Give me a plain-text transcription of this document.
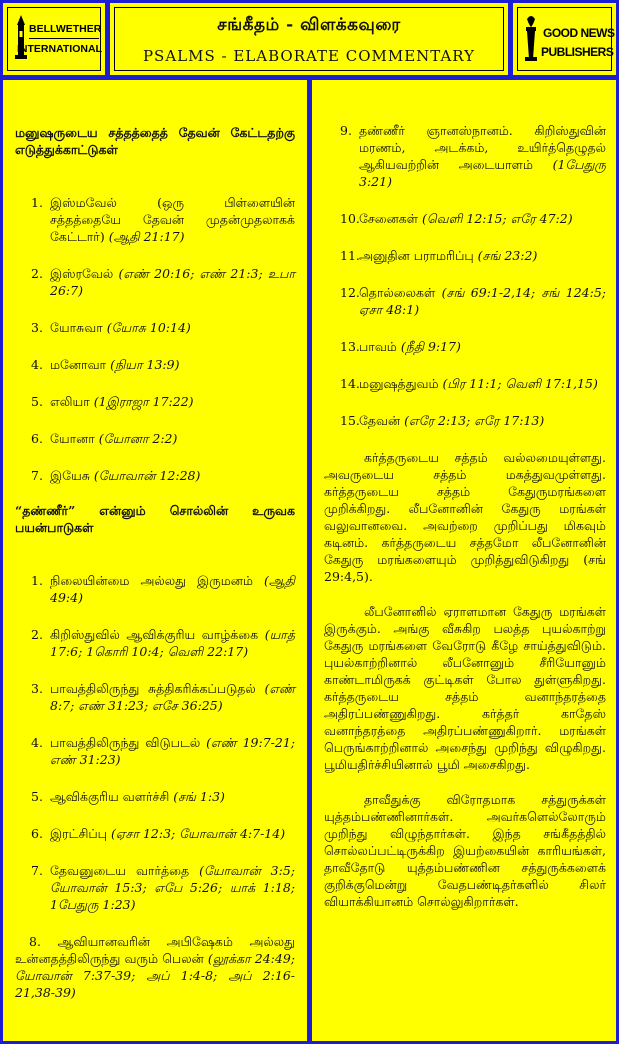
BELLWETHER
INTERNATIONAL
சங்கீதம் - விளக்கவுரை
PSALMS - ELABORATE COMMENTARY
GOOD NEWS
PUBLISHERS
மனுஷருடைய சத்தத்தைத் தேவன் கேட்டதற்கு எடுத்துக்காட்டுகள்
1. இஸ்மவேல் (ஒரு பிள்ளையின் சத்தத்தையே தேவன் முதன்முதலாகக் கேட்டார்) (ஆதி 21:17)
2. இஸ்ரவேல் (எண் 20:16; எண் 21:3; உபா 26:7)
3. யோசுவா (யோசு 10:14)
4. மனோவா (நியா 13:9)
5. எலியா (1இராஜா 17:22)
6. யோனா (யோனா 2:2)
7. இயேசு (யோவான் 12:28)
“தண்ணீர்” என்னும் சொல்லின் உருவக பயன்பாடுகள்
1. நிலையின்மை அல்லது இருமனம் (ஆதி 49:4)
2. கிறிஸ்துவில் ஆவிக்குரிய வாழ்க்கை (யாத் 17:6; 1கொரி 10:4; வெளி 22:17)
3. பாவத்திலிருந்து சுத்திகரிக்கப்படுதல் (எண் 8:7; எண் 31:23; எசே 36:25)
4. பாவத்திலிருந்து விடுபடல் (எண் 19:7-21; எண் 31:23)
5. ஆவிக்குரிய வளர்ச்சி (சங் 1:3)
6. இரட்சிப்பு (ஏசா 12:3; யோவான் 4:7-14)
7. தேவனுடைய வார்த்தை (யோவான் 3:5; யோவான் 15:3; எபே 5:26; யாக் 1:18; 1பேதுரு 1:23)
8. ஆவியானவரின் அபிஷேகம் அல்லது உன்னதத்திலிருந்து வரும் பெலன் (லூக்கா 24:49; யோவான் 7:37-39; அப் 1:4-8; அப் 2:16-21,38-39)
9. தண்ணீர் ஞானஸ்நானம். கிறிஸ்துவின் மரணம், அடக்கம், உயிர்த்தெழுதல் ஆகியவற்றின் அடையாளம் (1பேதுரு 3:21)
10. சேனைகள் (வெளி 12:15; எரே 47:2)
11. அனுதின பராமரிப்பு (சங் 23:2)
12. தொல்லைகள் (சங் 69:1-2,14; சங் 124:5; ஏசா 48:1)
13. பாவம் (நீதி 9:17)
14. மனுஷத்துவம் (பிர 11:1; வெளி 17:1,15)
15. தேவன் (எரே 2:13; எரே 17:13)

கர்த்தருடைய சத்தம் வல்லமையுள்ளது. அவருடைய சத்தம் மகத்துவமுள்ளது. கர்த்தருடைய சத்தம் கேதுருமரங்களை முறிக்கிறது. லீபனோனின் கேதுரு மரங்கள் வலுவானவை. அவற்றை முறிப்பது மிகவும் கடினம். கர்த்தருடைய சத்தமோ லீபனோனின் கேதுரு மரங்களையும் முறித்துவிடுகிறது (சங் 29:4,5).

லீபனோனில் ஏராளமான கேதுரு மரங்கள் இருக்கும். அங்கு வீசுகிற பலத்த புயல்காற்று கேதுரு மரங்களை வேரோடு கீழே சாய்த்துவிடும். புயல்காற்றினால் லீபனோனும் சீரியோனும் காண்டாமிருகக் குட்டிகள் போல துள்ளுகிறது. கர்த்தருடைய சத்தம் வனாந்தரத்தை அதிரப்பண்ணுகிறது. கர்த்தர் காதேஸ் வனாந்தரத்தை அதிரப்பண்ணுகிறார். மரங்கள் பெருங்காற்றினால் அசைந்து முறிந்து விழுகிறது. பூமியதிர்ச்சியினால் பூமி அசைகிறது.

தாவீதுக்கு விரோதமாக சத்துருக்கள் யுத்தம்பண்ணினார்கள். அவர்களெல்லோரும் முறிந்து விழுந்தார்கள். இந்த சங்கீதத்தில் சொல்லப்பட்டிருக்கிற இயற்கையின் காரியங்கள், தாவீதோடு யுத்தம்பண்ணின சத்துருக்களைக் குறிக்குமென்று வேதபண்டிதர்களில் சிலர் வியாக்கியானம் சொல்லுகிறார்கள்.
